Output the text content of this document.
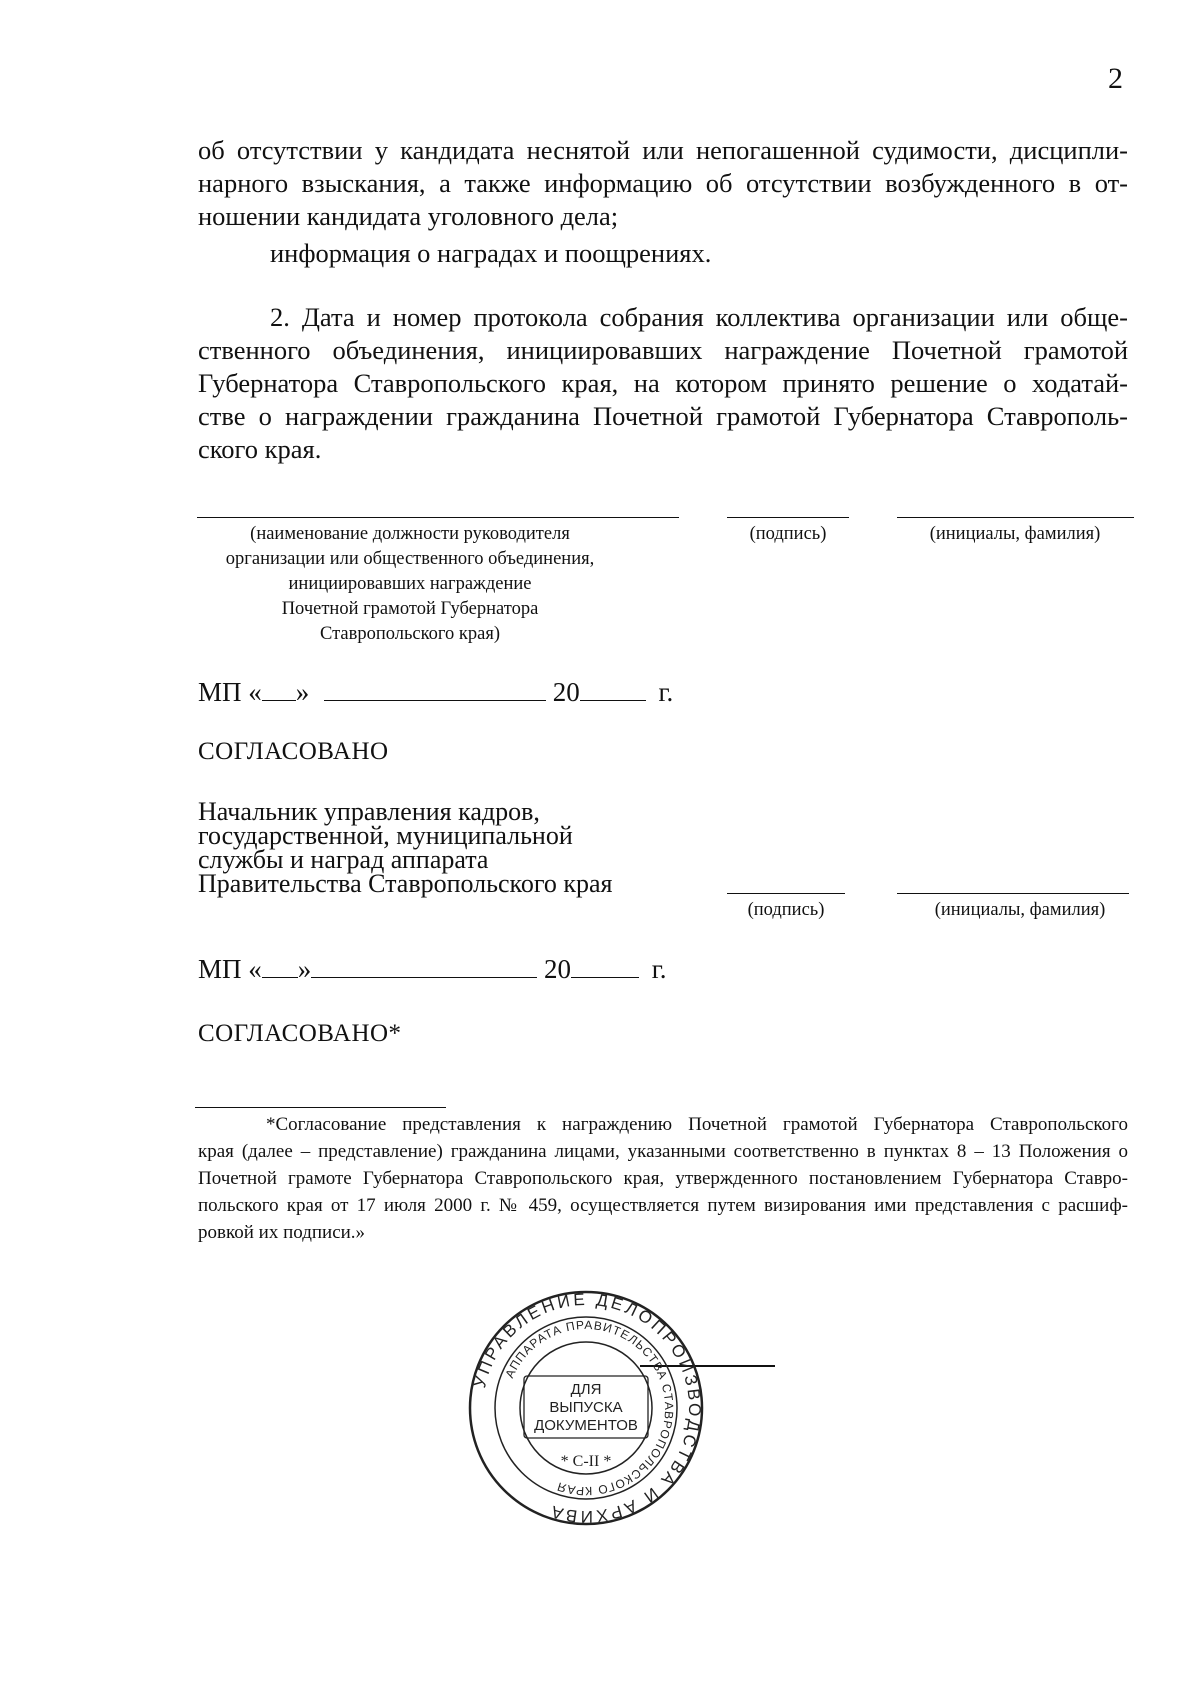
2
об отсутствии у кандидата неснятой или непогашенной судимости, дисципли-
нарного взыскания, а также информацию об отсутствии возбужденного в от-
ношении кандидата уголовного дела;
информация о наградах и поощрениях.
2. Дата и номер протокола собрания коллектива организации или обще-
ственного объединения, инициировавших награждение Почетной грамотой
Губернатора Ставропольского края, на котором принято решение о ходатай-
стве о награждении гражданина Почетной грамотой Губернатора Ставрополь-
ского края.
(наименование должности руководителя
организации или общественного объединения,
инициировавших награждение
Почетной грамотой Губернатора
Ставропольского края)
(подпись)	(инициалы, фамилия)
МП « »	20	г.
СОГЛАСОВАНО
Начальник управления кадров,
государственной, муниципальной
службы и наград аппарата
Правительства Ставропольского края
(подпись)	(инициалы, фамилия)
МП « »	20	г.
СОГЛАСОВАНО*
*Согласование представления к награждению Почетной грамотой Губернатора Ставропольского
края (далее – представление) гражданина лицами, указанными соответственно в пунктах 8 – 13 Положения о
Почетной грамоте Губернатора Ставропольского края, утвержденного постановлением Губернатора Ставро-
польского края от 17 июля 2000 г. № 459, осуществляется путем визирования ими представления с расшиф-
ровкой их подписи.»
УПРАВЛЕНИЕ ДЕЛОПРОИЗВОДСТВА И АРХИВА
АППАРАТА ПРАВИТЕЛЬСТВА СТАВРОПОЛЬСКОГО КРАЯ
ДЛЯ
ВЫПУСКА
ДОКУМЕНТОВ
* С-II *
